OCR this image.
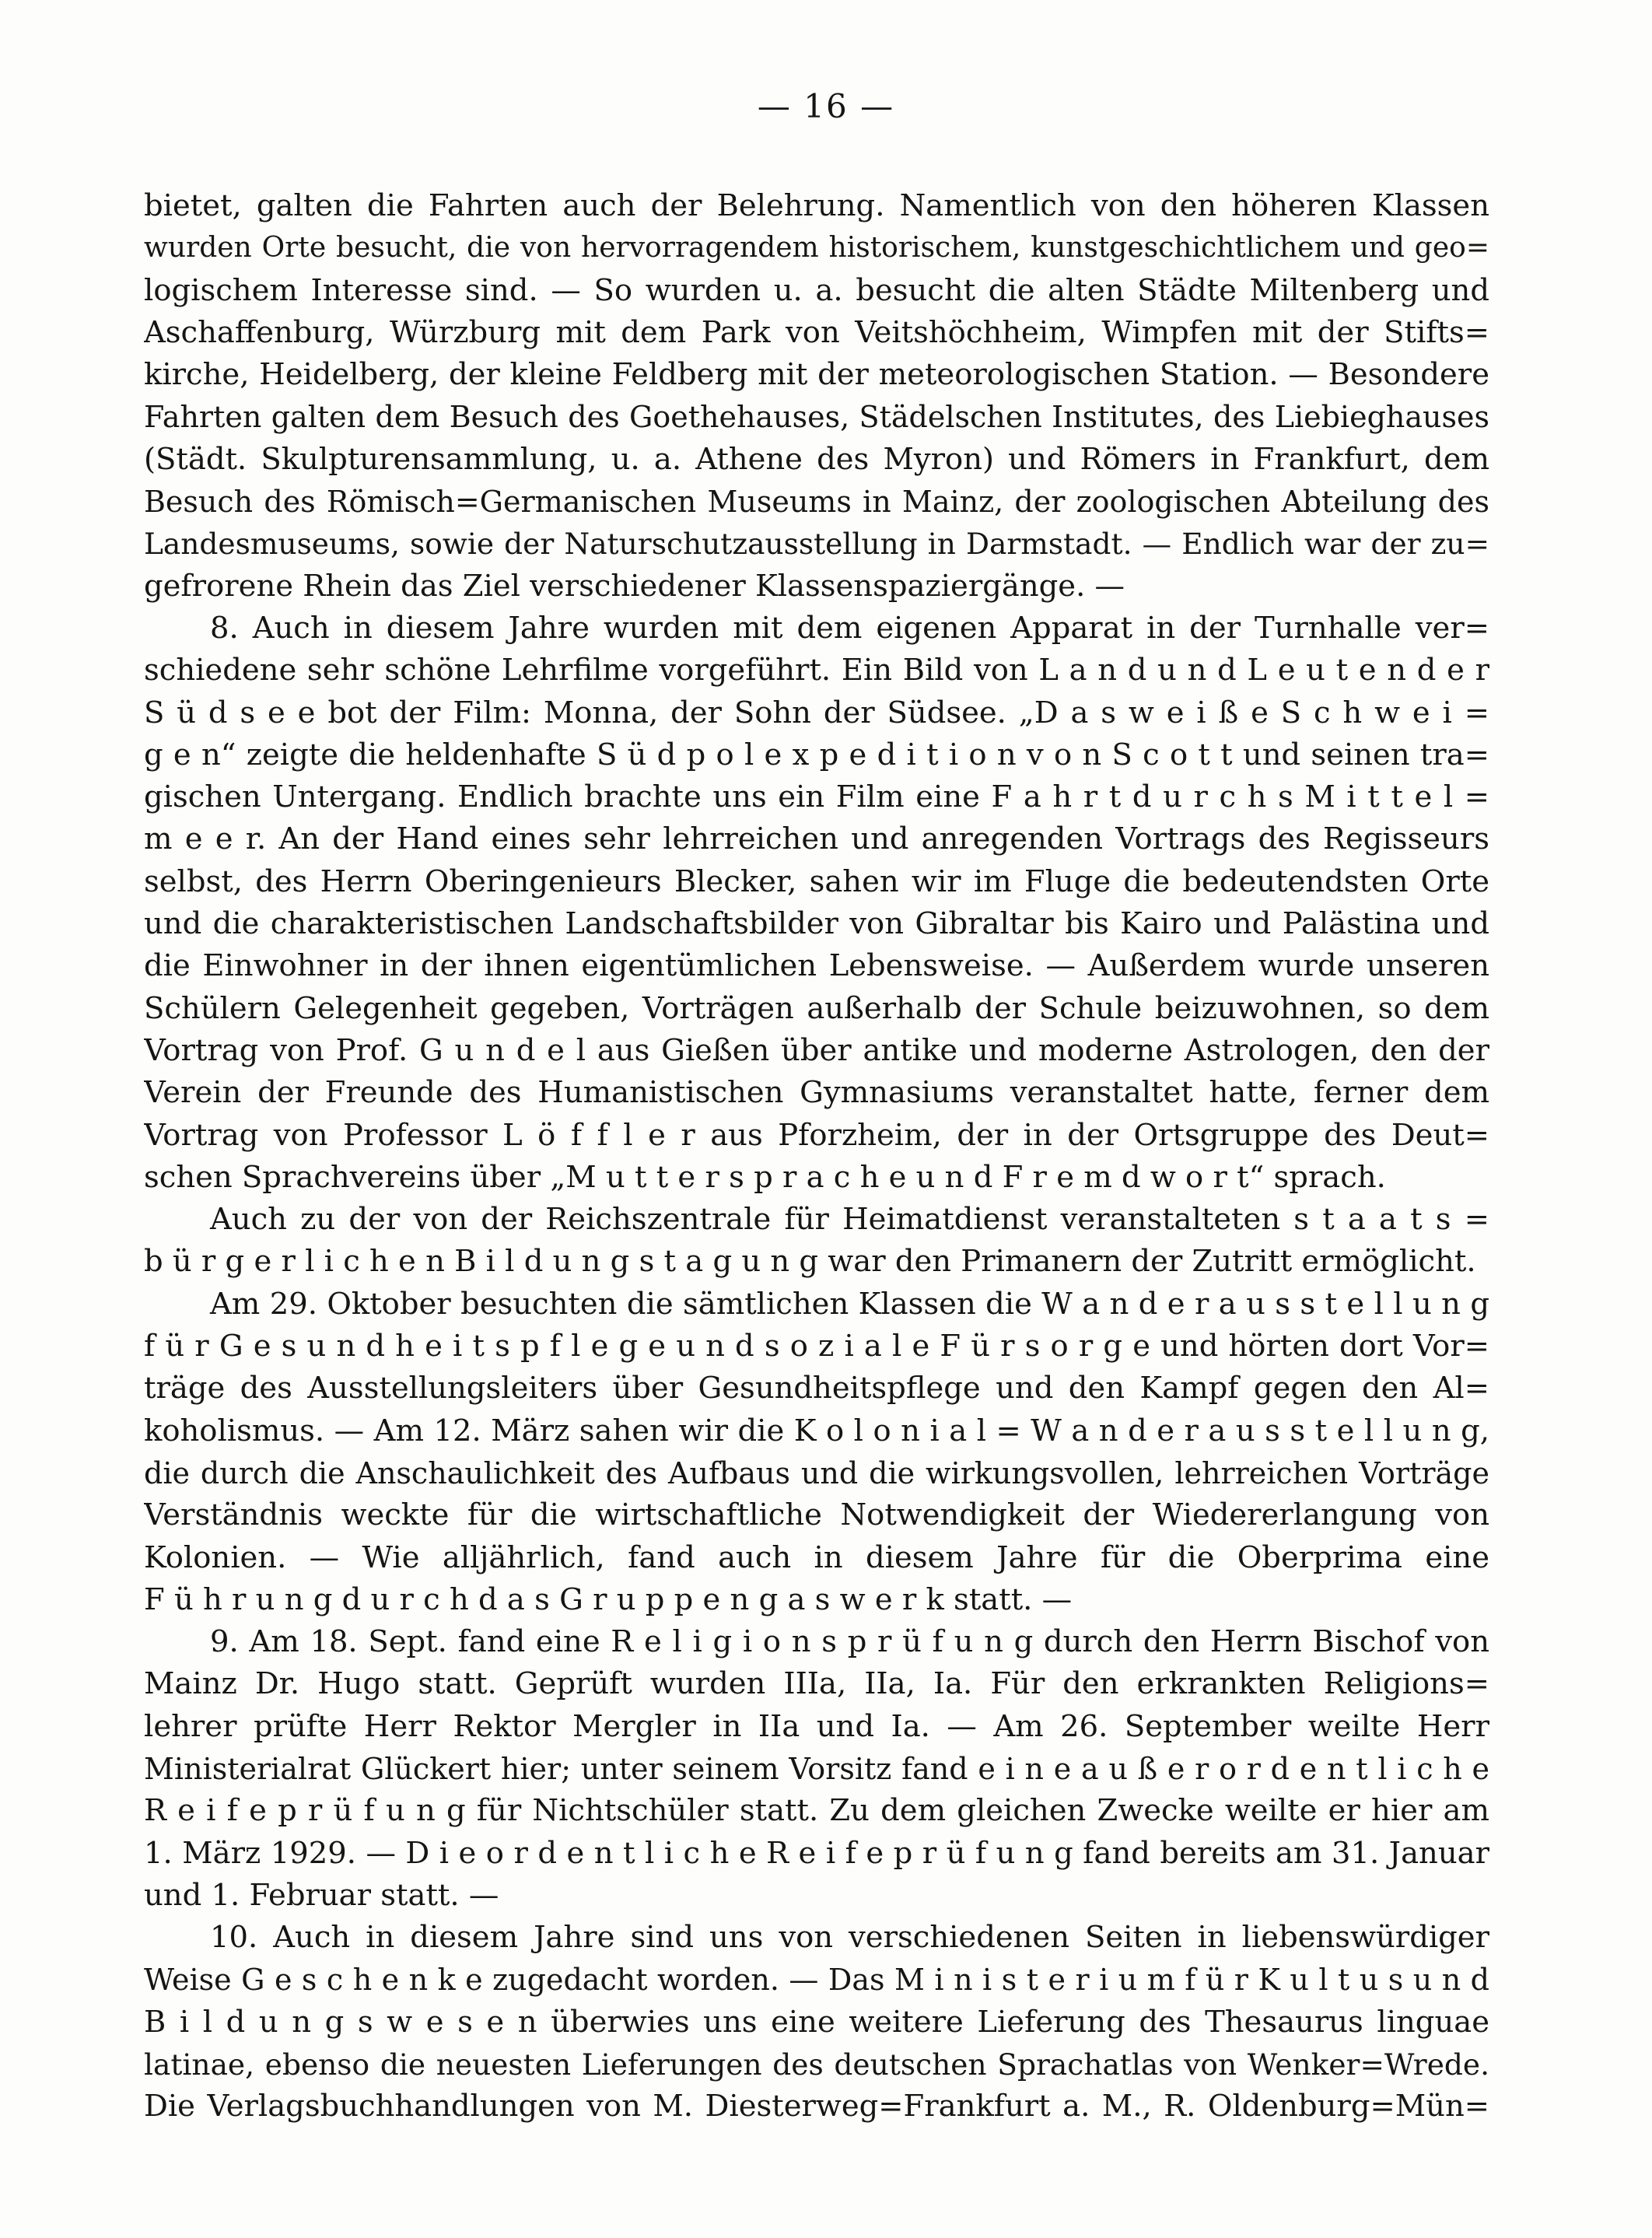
— 16 —
bietet, galten die Fahrten auch der Belehrung. Namentlich von den höheren Klassen
wurden Orte besucht, die von hervorragendem historischem, kunstgeschichtlichem und geo=
logischem Interesse sind. — So wurden u. a. besucht die alten Städte Miltenberg und
Aschaffenburg, Würzburg mit dem Park von Veitshöchheim, Wimpfen mit der Stifts=
kirche, Heidelberg, der kleine Feldberg mit der meteorologischen Station. — Besondere
Fahrten galten dem Besuch des Goethehauses, Städelschen Institutes, des Liebieghauses
(Städt. Skulpturensammlung, u. a. Athene des Myron) und Römers in Frankfurt, dem
Besuch des Römisch=Germanischen Museums in Mainz, der zoologischen Abteilung des
Landesmuseums, sowie der Naturschutzausstellung in Darmstadt. — Endlich war der zu=
gefrorene Rhein das Ziel verschiedener Klassenspaziergänge. —
8. Auch in diesem Jahre wurden mit dem eigenen Apparat in der Turnhalle ver=
schiedene sehr schöne Lehrfilme vorgeführt. Ein Bild von L a n d u n d L e u t e n d e r
S ü d s e e bot der Film: Monna, der Sohn der Südsee. „D a s w e i ß e S c h w e i =
g e n“ zeigte die heldenhafte S ü d p o l e x p e d i t i o n v o n S c o t t und seinen tra=
gischen Untergang. Endlich brachte uns ein Film eine F a h r t d u r c h s M i t t e l =
m e e r. An der Hand eines sehr lehrreichen und anregenden Vortrags des Regisseurs
selbst, des Herrn Oberingenieurs Blecker, sahen wir im Fluge die bedeutendsten Orte
und die charakteristischen Landschaftsbilder von Gibraltar bis Kairo und Palästina und
die Einwohner in der ihnen eigentümlichen Lebensweise. — Außerdem wurde unseren
Schülern Gelegenheit gegeben, Vorträgen außerhalb der Schule beizuwohnen, so dem
Vortrag von Prof. G u n d e l aus Gießen über antike und moderne Astrologen, den der
Verein der Freunde des Humanistischen Gymnasiums veranstaltet hatte, ferner dem
Vortrag von Professor L ö f f l e r aus Pforzheim, der in der Ortsgruppe des Deut=
schen Sprachvereins über „M u t t e r s p r a c h e u n d F r e m d w o r t“ sprach.
Auch zu der von der Reichszentrale für Heimatdienst veranstalteten s t a a t s =
b ü r g e r l i c h e n B i l d u n g s t a g u n g war den Primanern der Zutritt ermöglicht.
Am 29. Oktober besuchten die sämtlichen Klassen die W a n d e r a u s s t e l l u n g
f ü r G e s u n d h e i t s p f l e g e u n d s o z i a l e F ü r s o r g e und hörten dort Vor=
träge des Ausstellungsleiters über Gesundheitspflege und den Kampf gegen den Al=
koholismus. — Am 12. März sahen wir die K o l o n i a l = W a n d e r a u s s t e l l u n g,
die durch die Anschaulichkeit des Aufbaus und die wirkungsvollen, lehrreichen Vorträge
Verständnis weckte für die wirtschaftliche Notwendigkeit der Wiedererlangung von
Kolonien. — Wie alljährlich, fand auch in diesem Jahre für die Oberprima eine
F ü h r u n g d u r c h d a s G r u p p e n g a s w e r k statt. —
9. Am 18. Sept. fand eine R e l i g i o n s p r ü f u n g durch den Herrn Bischof von
Mainz Dr. Hugo statt. Geprüft wurden IIIa, IIa, Ia. Für den erkrankten Religions=
lehrer prüfte Herr Rektor Mergler in IIa und Ia. — Am 26. September weilte Herr
Ministerialrat Glückert hier; unter seinem Vorsitz fand e i n e a u ß e r o r d e n t l i c h e
R e i f e p r ü f u n g für Nichtschüler statt. Zu dem gleichen Zwecke weilte er hier am
1. März 1929. — D i e o r d e n t l i c h e R e i f e p r ü f u n g fand bereits am 31. Januar
und 1. Februar statt. —
10. Auch in diesem Jahre sind uns von verschiedenen Seiten in liebenswürdiger
Weise G e s c h e n k e zugedacht worden. — Das M i n i s t e r i u m f ü r K u l t u s u n d
B i l d u n g s w e s e n überwies uns eine weitere Lieferung des Thesaurus linguae
latinae, ebenso die neuesten Lieferungen des deutschen Sprachatlas von Wenker=Wrede.
Die Verlagsbuchhandlungen von M. Diesterweg=Frankfurt a. M., R. Oldenburg=Mün=
